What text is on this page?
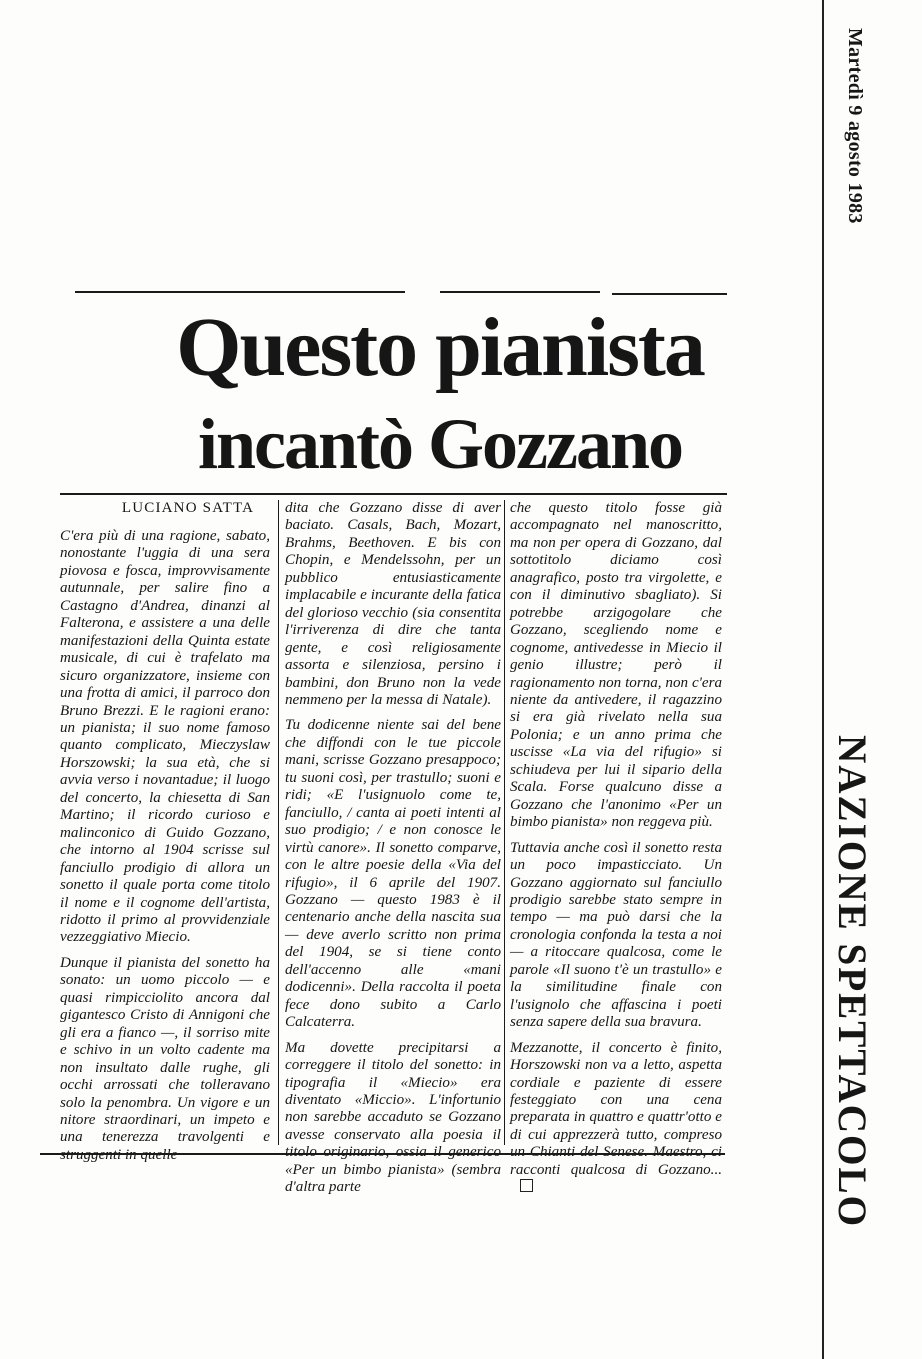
Martedì 9 agosto 1983
NAZIONE SPETTACOLO
Questo pianista
incantò Gozzano
LUCIANO SATTA

C'era più di una ragione, sabato, nonostante l'uggia di una sera piovosa e fosca, improvvisamente autunnale, per salire fino a Castagno d'Andrea, dinanzi al Falterona, e assistere a una delle manifestazioni della Quinta estate musicale, di cui è trafelato ma sicuro organizzatore, insieme con una frotta di amici, il parroco don Bruno Brezzi. E le ragioni erano: un pianista; il suo nome famoso quanto complicato, Mieczyslaw Horszowski; la sua età, che si avvia verso i novantadue; il luogo del concerto, la chiesetta di San Martino; il ricordo curioso e malinconico di Guido Gozzano, che intorno al 1904 scrisse sul fanciullo prodigio di allora un sonetto il quale porta come titolo il nome e il cognome dell'artista, ridotto il primo al provvidenziale vezzeggiativo Miecio.

Dunque il pianista del sonetto ha sonato: un uomo piccolo — e quasi rimpicciolito ancora dal gigantesco Cristo di Annigoni che gli era a fianco —, il sorriso mite e schivo in un volto cadente ma non insultato dalle rughe, gli occhi arrossati che tolleravano solo la penombra. Un vigore e un nitore straordinari, un impeto e una tenerezza travolgenti e

dita che Gozzano disse di aver baciato. Casals, Bach, Mozart, Brahms, Beethoven. E bis con Chopin, e Mendelssohn, per un pubblico entusiasticamente implacabile e incurante della fatica del glorioso vecchio (sia consentita l'irriverenza di dire che tanta gente, e così religiosamente assorta e silenziosa, persino i bambini, don Bruno non la vede nemmeno per la messa di Natale).

Tu dodicenne niente sai del bene che diffondi con le tue piccole mani, scrisse Gozzano presappoco; tu suoni così, per trastullo; suoni e ridi; «E l'usignuolo come te, fanciullo, / canta ai poeti intenti al suo prodigio; / e non conosce le virtù canore». Il sonetto comparve, con le altre poesie della «Via del rifugio», il 6 aprile del 1907. Gozzano — questo 1983 è il centenario anche della nascita sua — deve averlo scritto non prima del 1904, se si tiene conto dell'accenno alle «mani dodicenni». Della raccolta il poeta fece dono subito a Carlo Calcaterra.

Ma dovette precipitarsi a correggere il titolo del sonetto: in tipografia il «Miecio» era diventato «Miccio». L'infortunio non sarebbe accaduto se Gozzano avesse conservato alla poesia il «Per un bimbo pianista» (sembra d'altra parte

che questo titolo fosse già accompagnato nel manoscritto, ma non per opera di Gozzano, dal sottotitolo diciamo così anagrafico, posto tra virgolette, e con il diminutivo sbagliato). Si potrebbe arzigogolare che Gozzano, scegliendo nome e cognome, antivedesse in Miecio il genio illustre; però il ragionamento non torna, non c'era niente da antivedere, il ragazzino si era già rivelato nella sua Polonia; e un anno prima che uscisse «La via del rifugio» si schiudeva per lui il sipario della Scala. Forse qualcuno disse a Gozzano che l'anonimo «Per un bimbo pianista» non reggeva più.

Tuttavia anche così il sonetto resta un poco impasticciato. Un Gozzano aggiornato sul fanciullo prodigio sarebbe stato sempre in tempo — ma può darsi che la cronologia confonda la testa a noi — a ritoccare qualcosa, come le parole «Il suono t'è un trastullo» e la similitudine finale con l'usignolo che affascina i poeti senza sapere della sua bravura.

Mezzanotte, il concerto è finito, Horszowski non va a letto, aspetta cordiale e paziente di essere festeggiato con una cena preparata in quattro e quattr'otto e di cui apprezzerà tutto, compreso racconti qualcosa di Gozzano...
